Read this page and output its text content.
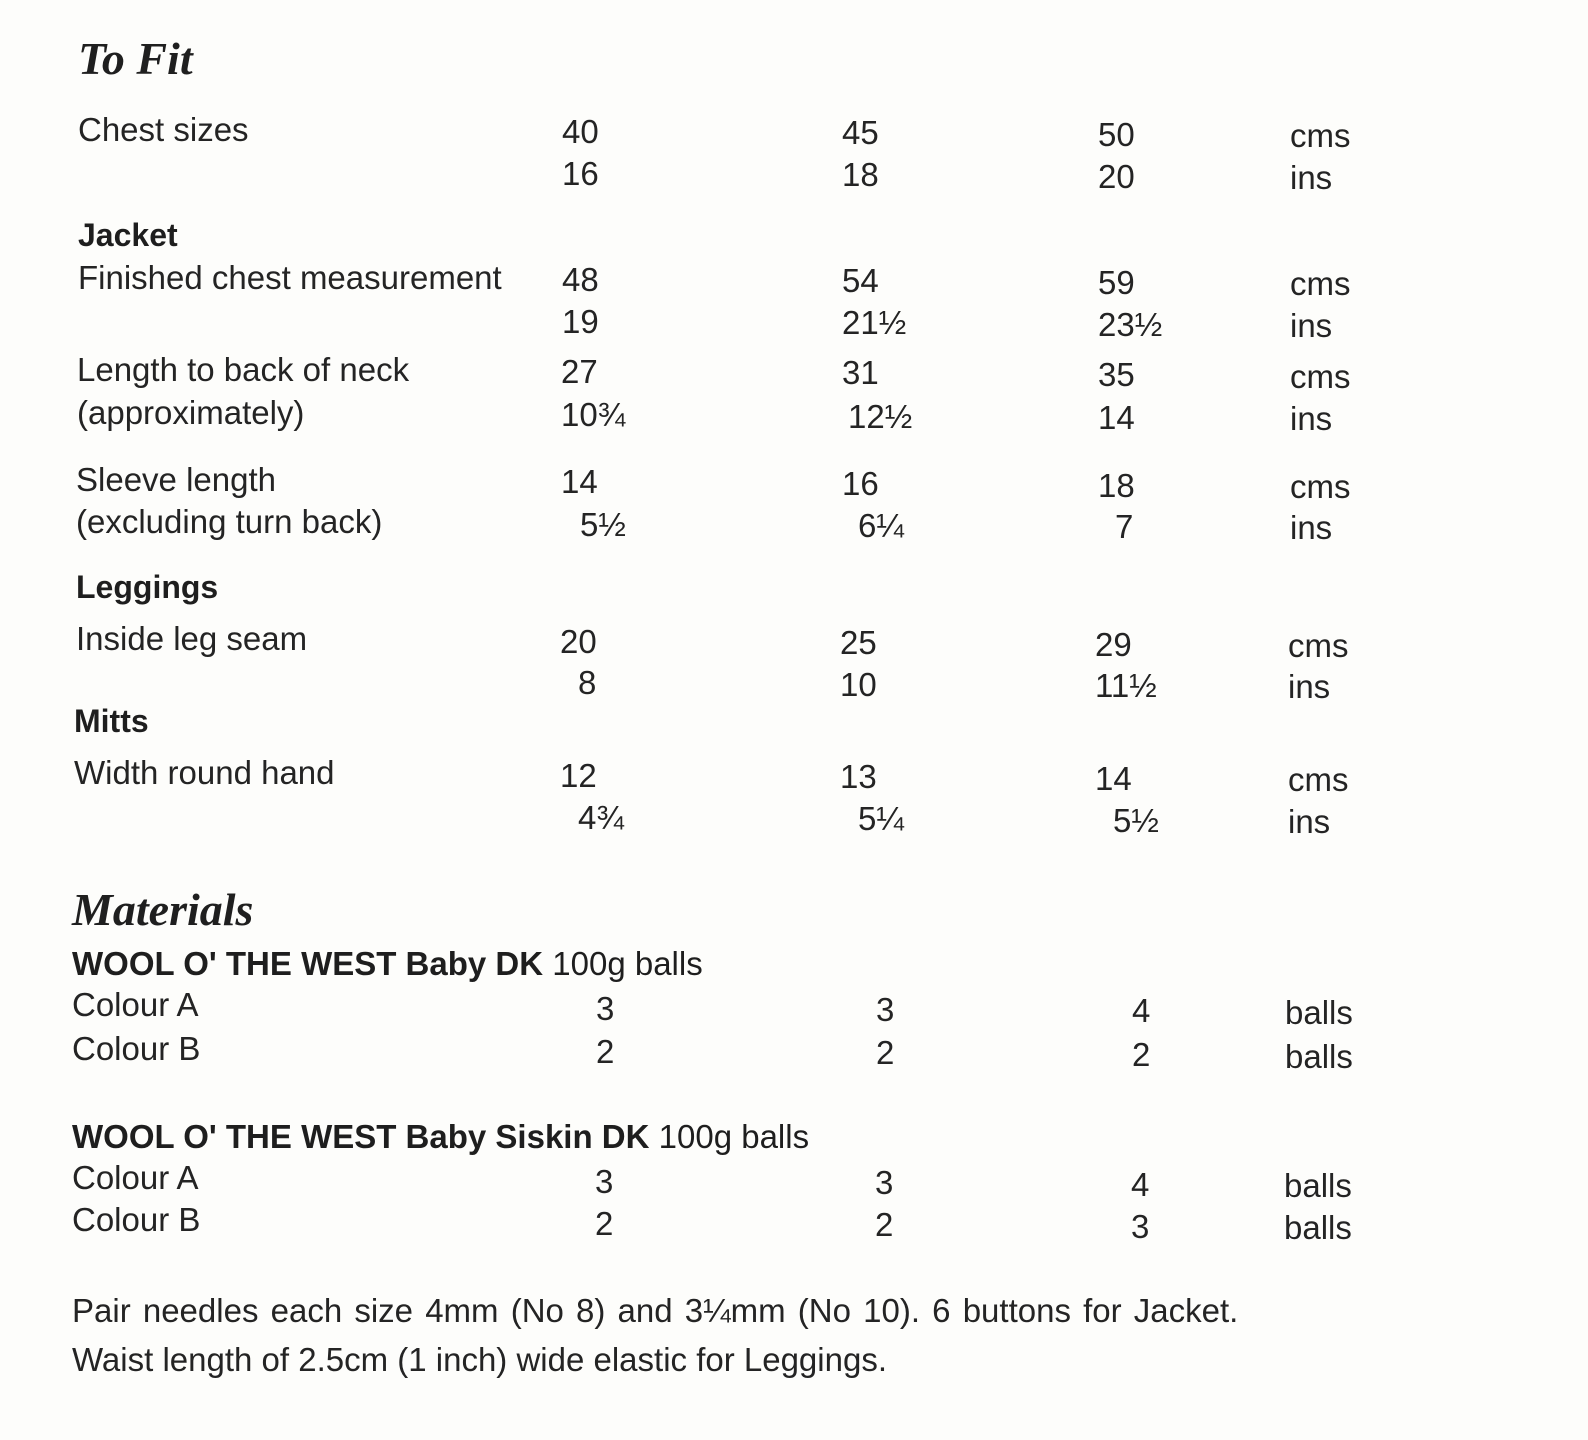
To Fit
Chest sizes	40	45	50	cms
16	18	20	ins
Jacket
Finished chest measurement 48	54	59	cms
19	21½	23½	ins
Length to back of neck
(approximately)
27	31	35	cms
10¾	12½	14	ins
Sleeve length
(excluding turn back)
14	16	18	cms
5½	6¼	7	ins
Leggings
Inside leg seam	20	25	29	cms
8	10	11½	ins
Mitts
Width round hand	12	13	14	cms
4¾	5¼	5½	ins
Materials
WOOL O' THE WEST Baby DK 100g balls
Colour A	3	3	4	balls
Colour B	2	2	2	balls
WOOL O' THE WEST Baby Siskin DK 100g balls
Colour A	3	3	4	balls
Colour B	2	2	3	balls
Pair needles each size 4mm (No 8) and 3¼mm (No 10). 6 buttons for Jacket.
Waist length of 2.5cm (1 inch) wide elastic for Leggings.
